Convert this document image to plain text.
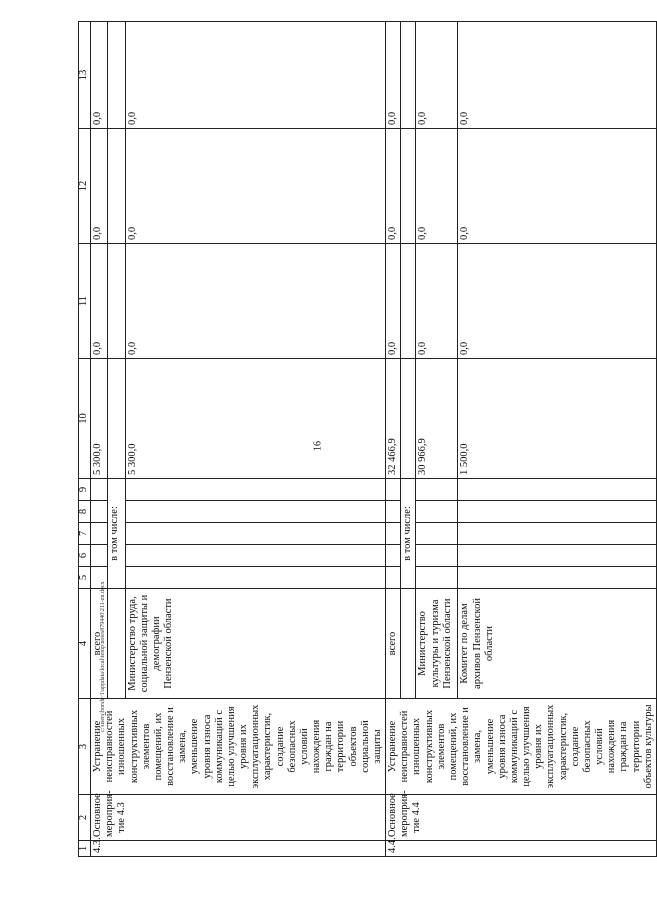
16
c:\users\borsh~1\appdata\local\temp\notes879440\211-zn.docx
1	2	3	4	5	6	7	8	9	10	11	12	13
4.3.	Основное мероприя-тие 4.3	Устранение неисправностей изношенных конструктивных элементов помещений, их восстановление и замена, уменьшение уровня износа коммуникаций с целью улучшения уровня их эксплуатационных характеристик, создание безопасных условий нахождения граждан на территории объектов социальной защиты	всего						5 300,0	0,0	0,0	0,0
				в том числе:								
			Министерство труда, социальной защиты и демографии Пензенской области						5 300,0	0,0	0,0	0,0
4.4.	Основное мероприя-тие 4.4	Устранение неисправностей изношенных конструктивных элементов помещений, их восстановление и замена, уменьшение уровня износа коммуникаций с целью улучшения уровня их эксплуатационных характеристик, создание безопасных условий нахождения граждан на территории объектов культуры	всего						32 466,9	0,0	0,0	0,0
				в том числе:								
			Министерство культуры и туризма Пензенской области						30 966,9	0,0	0,0	0,0
			Комитет по делам архивов Пензенской области						1 500,0	0,0	0,0	0,0
